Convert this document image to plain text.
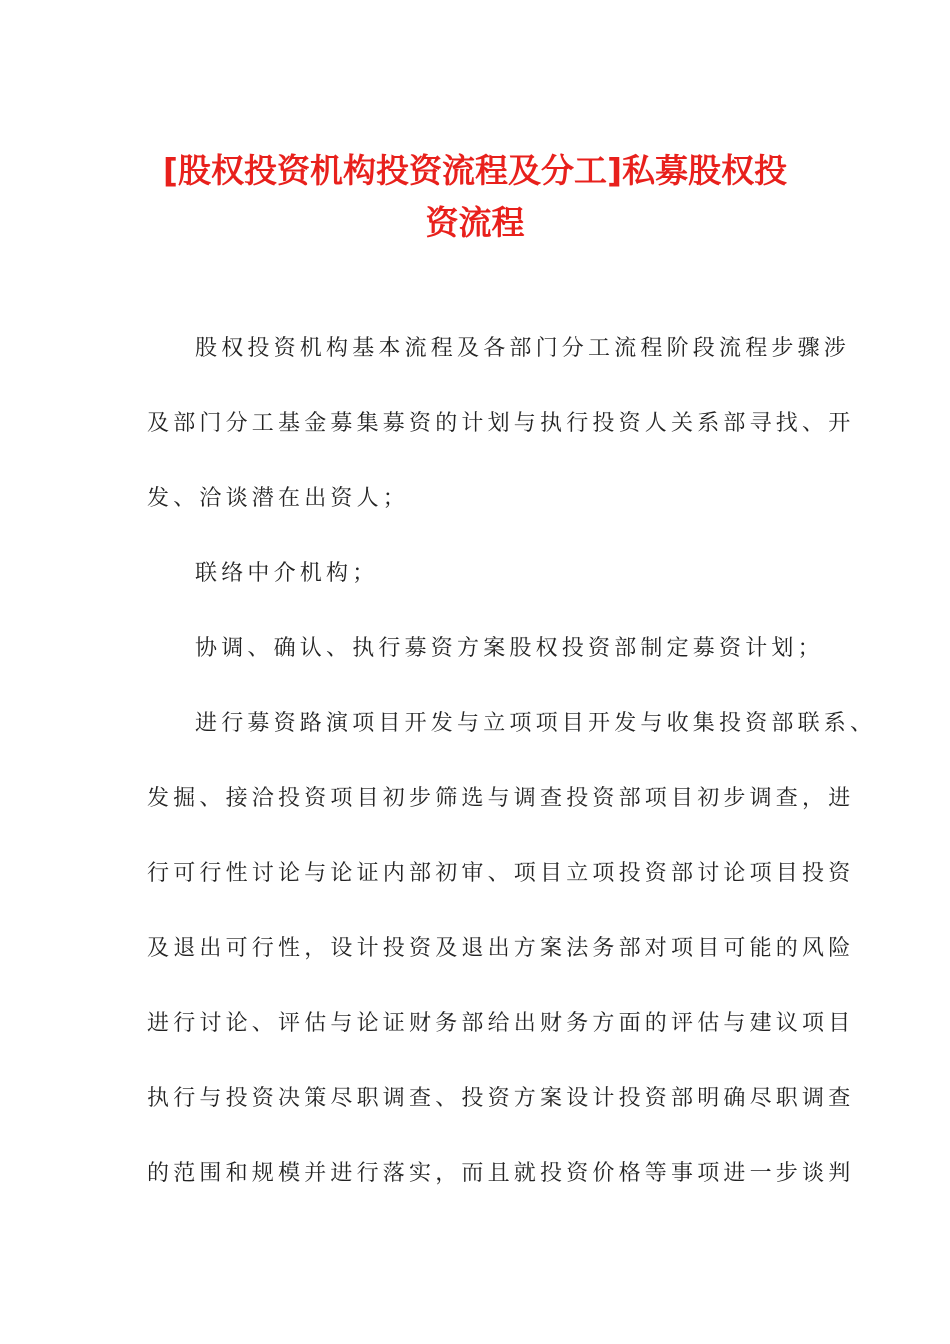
[股权投资机构投资流程及分工]私募股权投
资流程
股权投资机构基本流程及各部门分工流程阶段流程步骤涉
及部门分工基金募集募资的计划与执行投资人关系部寻找、开
发、洽谈潜在出资人；
联络中介机构；
协调、确认、执行募资方案股权投资部制定募资计划；
进行募资路演项目开发与立项项目开发与收集投资部联系、
发掘、接洽投资项目初步筛选与调查投资部项目初步调查，进
行可行性讨论与论证内部初审、项目立项投资部讨论项目投资
及退出可行性，设计投资及退出方案法务部对项目可能的风险
进行讨论、评估与论证财务部给出财务方面的评估与建议项目
执行与投资决策尽职调查、投资方案设计投资部明确尽职调查
的范围和规模并进行落实，而且就投资价格等事项进一步谈判
